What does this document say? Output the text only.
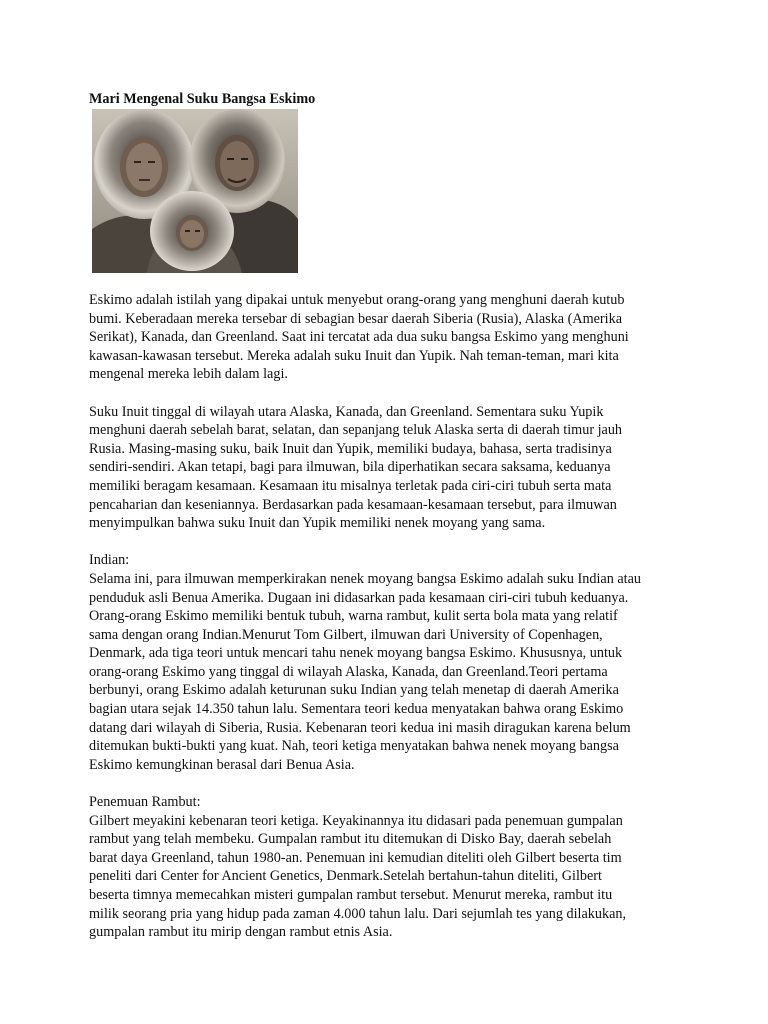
Mari Mengenal Suku Bangsa Eskimo

Eskimo adalah istilah yang dipakai untuk menyebut orang-orang yang menghuni daerah kutub
bumi. Keberadaan mereka tersebar di sebagian besar daerah Siberia (Rusia), Alaska (Amerika
Serikat), Kanada, dan Greenland. Saat ini tercatat ada dua suku bangsa Eskimo yang menghuni
kawasan-kawasan tersebut. Mereka adalah suku Inuit dan Yupik. Nah teman-teman, mari kita
mengenal mereka lebih dalam lagi.

Suku Inuit tinggal di wilayah utara Alaska, Kanada, dan Greenland. Sementara suku Yupik
menghuni daerah sebelah barat, selatan, dan sepanjang teluk Alaska serta di daerah timur jauh
Rusia. Masing-masing suku, baik Inuit dan Yupik, memiliki budaya, bahasa, serta tradisinya
sendiri-sendiri. Akan tetapi, bagi para ilmuwan, bila diperhatikan secara saksama, keduanya
memiliki beragam kesamaan. Kesamaan itu misalnya terletak pada ciri-ciri tubuh serta mata
pencaharian dan keseniannya. Berdasarkan pada kesamaan-kesamaan tersebut, para ilmuwan
menyimpulkan bahwa suku Inuit dan Yupik memiliki nenek moyang yang sama.

Indian:
Selama ini, para ilmuwan memperkirakan nenek moyang bangsa Eskimo adalah suku Indian atau
penduduk asli Benua Amerika. Dugaan ini didasarkan pada kesamaan ciri-ciri tubuh keduanya.
Orang-orang Eskimo memiliki bentuk tubuh, warna rambut, kulit serta bola mata yang relatif
sama dengan orang Indian.Menurut Tom Gilbert, ilmuwan dari University of Copenhagen,
Denmark, ada tiga teori untuk mencari tahu nenek moyang bangsa Eskimo. Khususnya, untuk
orang-orang Eskimo yang tinggal di wilayah Alaska, Kanada, dan Greenland.Teori pertama
berbunyi, orang Eskimo adalah keturunan suku Indian yang telah menetap di daerah Amerika
bagian utara sejak 14.350 tahun lalu. Sementara teori kedua menyatakan bahwa orang Eskimo
datang dari wilayah di Siberia, Rusia. Kebenaran teori kedua ini masih diragukan karena belum
ditemukan bukti-bukti yang kuat. Nah, teori ketiga menyatakan bahwa nenek moyang bangsa
Eskimo kemungkinan berasal dari Benua Asia.

Penemuan Rambut:
Gilbert meyakini kebenaran teori ketiga. Keyakinannya itu didasari pada penemuan gumpalan
rambut yang telah membeku. Gumpalan rambut itu ditemukan di Disko Bay, daerah sebelah
barat daya Greenland, tahun 1980-an. Penemuan ini kemudian diteliti oleh Gilbert beserta tim
peneliti dari Center for Ancient Genetics, Denmark.Setelah bertahun-tahun diteliti, Gilbert
beserta timnya memecahkan misteri gumpalan rambut tersebut. Menurut mereka, rambut itu
milik seorang pria yang hidup pada zaman 4.000 tahun lalu. Dari sejumlah tes yang dilakukan,
gumpalan rambut itu mirip dengan rambut etnis Asia.
